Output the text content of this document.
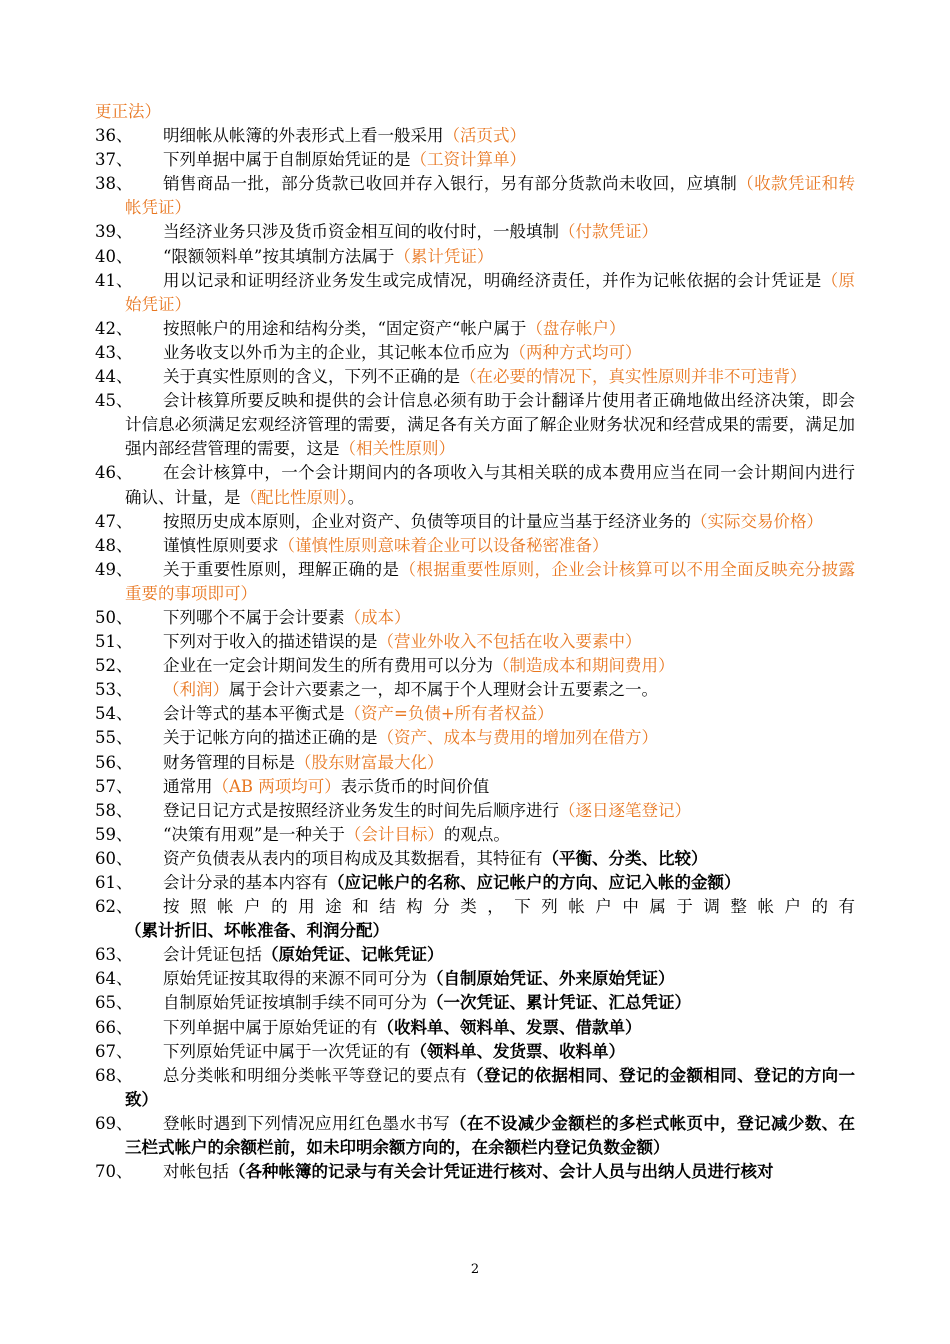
更正法）
36、	明细帐从帐簿的外表形式上看一般采用（活页式）
37、	下列单据中属于自制原始凭证的是（工资计算单）
38、	销售商品一批，部分货款已收回并存入银行，另有部分货款尚未收回，应填制（收款凭证和转帐凭证）
39、	当经济业务只涉及货币资金相互间的收付时，一般填制（付款凭证）
40、	“限额领料单”按其填制方法属于（累计凭证）
41、	用以记录和证明经济业务发生或完成情况，明确经济责任，并作为记帐依据的会计凭证是（原始凭证）
42、	按照帐户的用途和结构分类，“固定资产“帐户属于（盘存帐户）
43、	业务收支以外币为主的企业，其记帐本位币应为（两种方式均可）
44、	关于真实性原则的含义，下列不正确的是（在必要的情况下，真实性原则并非不可违背）
45、	会计核算所要反映和提供的会计信息必须有助于会计翻译片使用者正确地做出经济决策，即会计信息必须满足宏观经济管理的需要，满足各有关方面了解企业财务状况和经营成果的需要，满足加强内部经营管理的需要，这是（相关性原则）
46、	在会计核算中，一个会计期间内的各项收入与其相关联的成本费用应当在同一会计期间内进行确认、计量，是（配比性原则）。
47、	按照历史成本原则，企业对资产、负债等项目的计量应当基于经济业务的（实际交易价格）
48、	谨慎性原则要求（谨慎性原则意味着企业可以设备秘密准备）
49、	关于重要性原则，理解正确的是（根据重要性原则，企业会计核算可以不用全面反映充分披露重要的事项即可）
50、	下列哪个不属于会计要素（成本）
51、	下列对于收入的描述错误的是（营业外收入不包括在收入要素中）
52、	企业在一定会计期间发生的所有费用可以分为（制造成本和期间费用）
53、	（利润）属于会计六要素之一，却不属于个人理财会计五要素之一。
54、	会计等式的基本平衡式是（资产=负债+所有者权益）
55、	关于记帐方向的描述正确的是（资产、成本与费用的增加列在借方）
56、	财务管理的目标是（股东财富最大化）
57、	通常用（AB 两项均可）表示货币的时间价值
58、	登记日记方式是按照经济业务发生的时间先后顺序进行（逐日逐笔登记）
59、	“决策有用观”是一种关于（会计目标）的观点。
60、	资产负债表从表内的项目构成及其数据看，其特征有（平衡、分类、比较）
61、	会计分录的基本内容有（应记帐户的名称、应记帐户的方向、应记入帐的金额）
62、	按照帐户的用途和结构分类，下列帐户中属于调整帐户的有（累计折旧、坏帐准备、利润分配）
63、	会计凭证包括（原始凭证、记帐凭证）
64、	原始凭证按其取得的来源不同可分为（自制原始凭证、外来原始凭证）
65、	自制原始凭证按填制手续不同可分为（一次凭证、累计凭证、汇总凭证）
66、	下列单据中属于原始凭证的有（收料单、领料单、发票、借款单）
67、	下列原始凭证中属于一次凭证的有（领料单、发货票、收料单）
68、	总分类帐和明细分类帐平等登记的要点有（登记的依据相同、登记的金额相同、登记的方向一致）
69、	登帐时遇到下列情况应用红色墨水书写（在不设减少金额栏的多栏式帐页中，登记减少数、在三栏式帐户的余额栏前，如未印明余额方向的，在余额栏内登记负数金额）
70、	对帐包括（各种帐簿的记录与有关会计凭证进行核对、会计人员与出纳人员进行核对
2
